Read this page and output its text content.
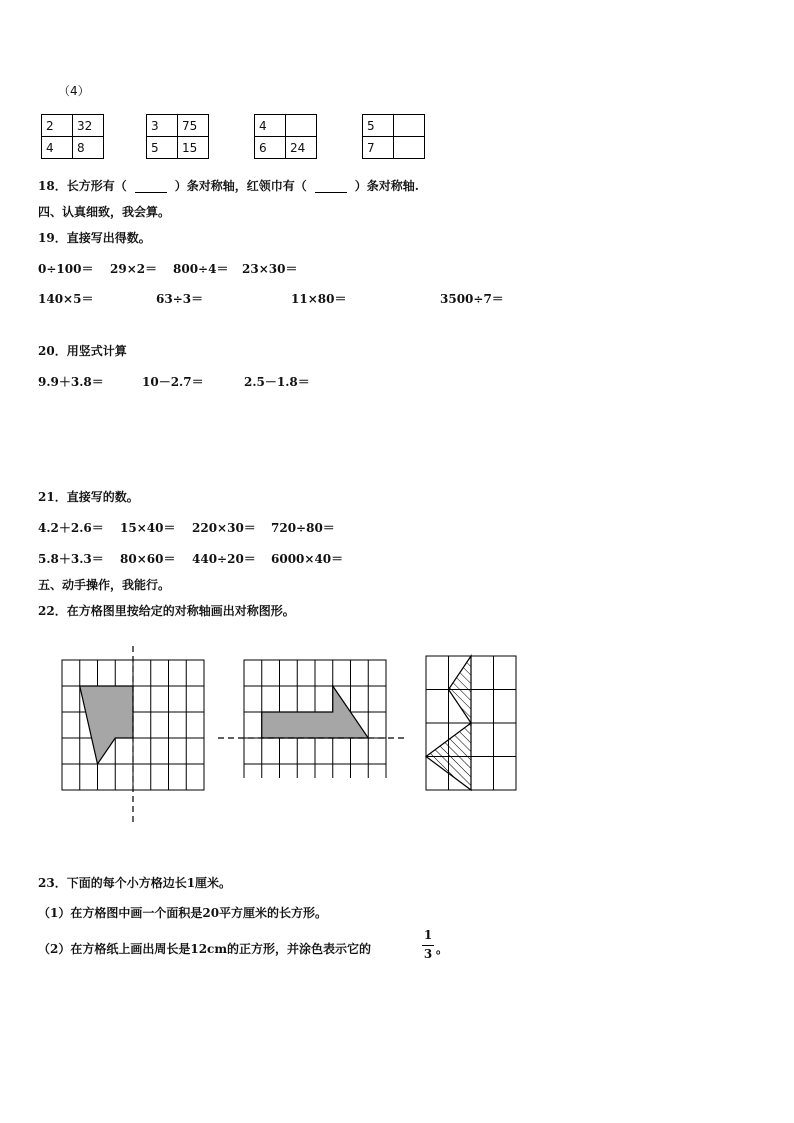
（4）
2	32
4	8
3	75
5	15
4	
6	24
5	
7	
18．长方形有（	）条对称轴，红领巾有（	）条对称轴.
四、认真细致，我会算。
19．直接写出得数。
0÷100＝ 29×2＝ 800÷4＝ 23×30＝
140×5＝	63÷3＝	11×80＝	3500÷7＝
20．用竖式计算
9.9＋3.8＝	10－2.7＝	2.5－1.8＝
21．直接写的数。
4.2＋2.6＝ 15×40＝ 220×30＝ 720÷80＝
5.8＋3.3＝ 80×60＝ 440÷20＝ 6000×40＝
五、动手操作，我能行。
22．在方格图里按给定的对称轴画出对称图形。
23．下面的每个小方格边长1厘米。
（1）在方格图中画一个面积是20平方厘米的长方形。
（2）在方格纸上画出周长是12cm的正方形，并涂色表示它的
1
3 。
